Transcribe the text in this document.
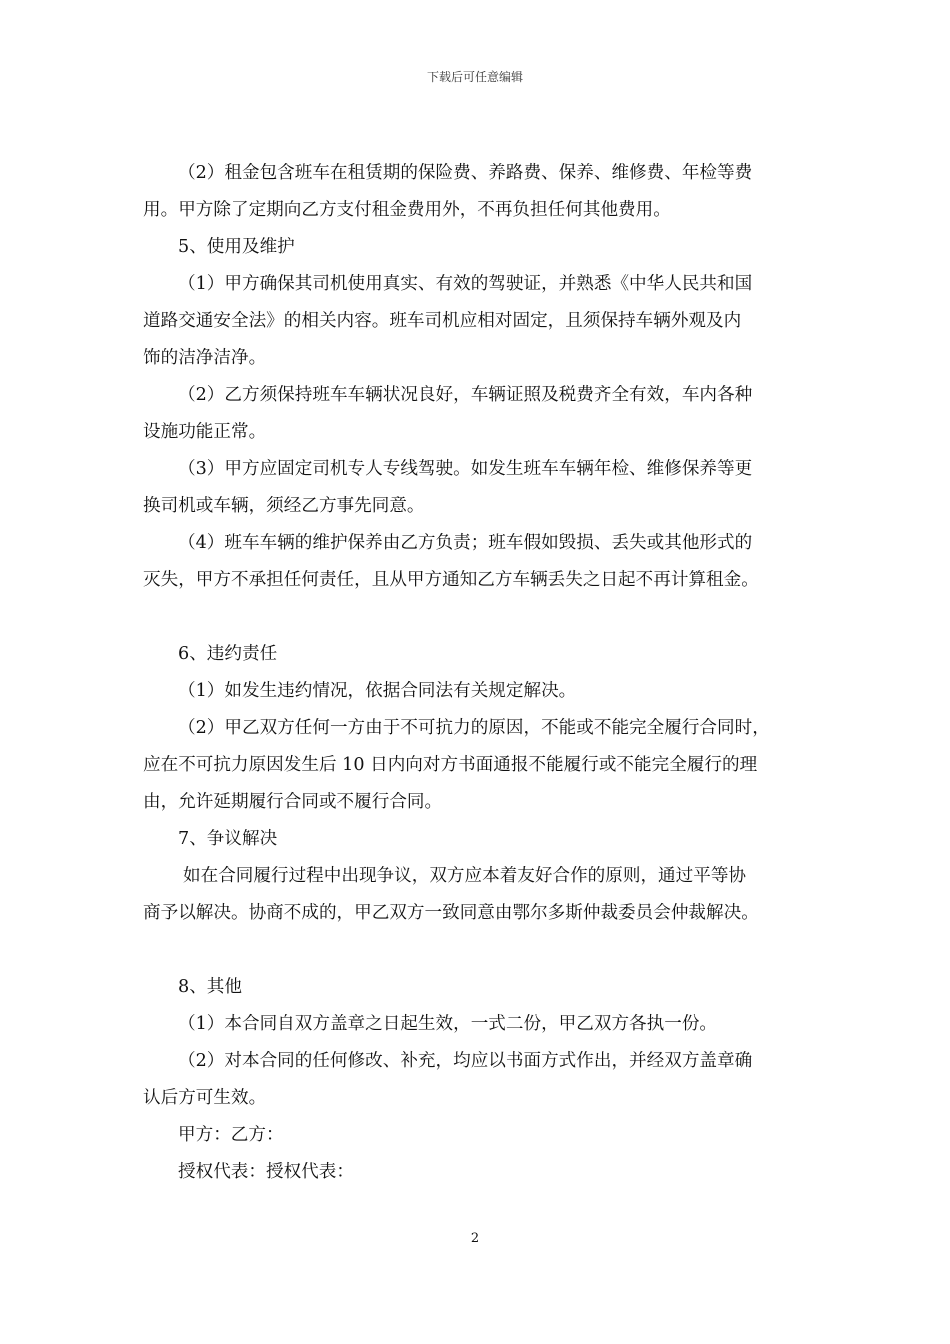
下载后可任意编辑

（2）租金包含班车在租赁期的保险费、养路费、保养、维修费、年检等费

用。甲方除了定期向乙方支付租金费用外，不再负担任何其他费用。

5、使用及维护

（1）甲方确保其司机使用真实、有效的驾驶证，并熟悉《中华人民共和国

道路交通安全法》的相关内容。班车司机应相对固定，且须保持车辆外观及内

饰的洁净洁净。

（2）乙方须保持班车车辆状况良好，车辆证照及税费齐全有效，车内各种

设施功能正常。

（3）甲方应固定司机专人专线驾驶。如发生班车车辆年检、维修保养等更

换司机或车辆，须经乙方事先同意。

（4）班车车辆的维护保养由乙方负责；班车假如毁损、丢失或其他形式的

灭失，甲方不承担任何责任，且从甲方通知乙方车辆丢失之日起不再计算租金。

6、违约责任

（1）如发生违约情况，依据合同法有关规定解决。

（2）甲乙双方任何一方由于不可抗力的原因，不能或不能完全履行合同时，

应在不可抗力原因发生后 10 日内向对方书面通报不能履行或不能完全履行的理

由，允许延期履行合同或不履行合同。

7、争议解决

如在合同履行过程中出现争议，双方应本着友好合作的原则，通过平等协

商予以解决。协商不成的，甲乙双方一致同意由鄂尔多斯仲裁委员会仲裁解决。

8、其他

（1）本合同自双方盖章之日起生效，一式二份，甲乙双方各执一份。

（2）对本合同的任何修改、补充，均应以书面方式作出，并经双方盖章确

认后方可生效。

甲方：乙方：

授权代表：授权代表：

2
